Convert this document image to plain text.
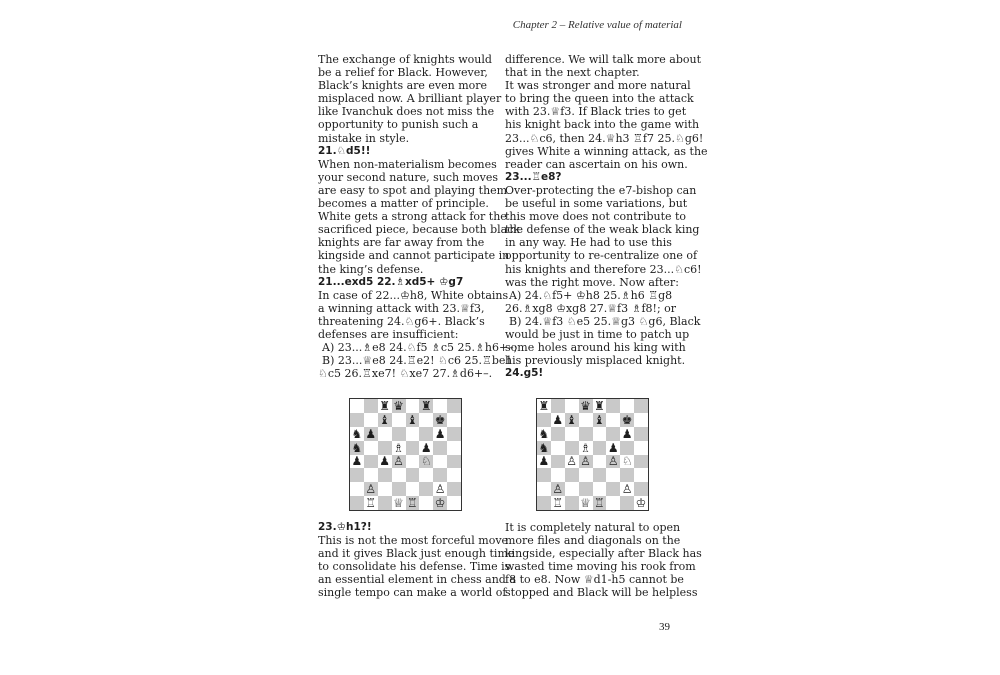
Chapter 2 – Relative value of material
The exchange of knights would
be a relief for Black. However,
Black’s knights are even more
misplaced now. A brilliant player
like Ivanchuk does not miss the
opportunity to punish such a
mistake in style.
21.♘d5!!
When non-materialism becomes
your second nature, such moves
are easy to spot and playing them
becomes a matter of principle.
White gets a strong attack for the
sacrificed piece, because both black
knights are far away from the
kingside and cannot participate in
the king’s defense.
21...exd5 22.♗xd5+ ♔g7
In case of 22...♔h8, White obtains
a winning attack with 23.♕f3,
threatening 24.♘g6+. Black’s
defenses are insufficient:
A) 23...♗e8 24.♘f5 ♗c5 25.♗h6+–;
B) 23...♕e8 24.♖e2! ♘c6 25.♖be1
♘c5 26.♖xe7! ♘xe7 27.♗d6+–.
difference. We will talk more about
that in the next chapter.
It was stronger and more natural
to bring the queen into the attack
with 23.♕f3. If Black tries to get
his knight back into the game with
23...♘c6, then 24.♕h3 ♖f7 25.♘g6!
gives White a winning attack, as the
reader can ascertain on his own.
23...♖e8?
Over-protecting the e7-bishop can
be useful in some variations, but
this move does not contribute to
the defense of the weak black king
in any way. He had to use this
opportunity to re-centralize one of
his knights and therefore 23...♘c6!
was the right move. Now after:
A) 24.♘f5+ ♔h8 25.♗h6 ♖g8
26.♗xg8 ♔xg8 27.♕f3 ♗f8!; or
B) 24.♕f3 ♘e5 25.♕g3 ♘g6, Black
would be just in time to patch up
some holes around his king with
his previously misplaced knight.
24.g5!
♜ ♛ ♜
♝ ♝ ♚
♞ ♟	♟
♞	♗ ♟
♟ ♟ ♙ ♘
♙	♙
♖ ♕ ♖ ♔
♜	♛ ♜
♟ ♝ ♝ ♚
♞	♟
♞	♗ ♟
♟ ♙ ♙ ♙ ♘
♙	♙
♖ ♕ ♖	♔
23.♔h1?!
This is not the most forceful move
and it gives Black just enough time
to consolidate his defense. Time is
an essential element in chess and a
single tempo can make a world of
It is completely natural to open
more files and diagonals on the
kingside, especially after Black has
wasted time moving his rook from
f8 to e8. Now ♕d1-h5 cannot be
stopped and Black will be helpless
39
